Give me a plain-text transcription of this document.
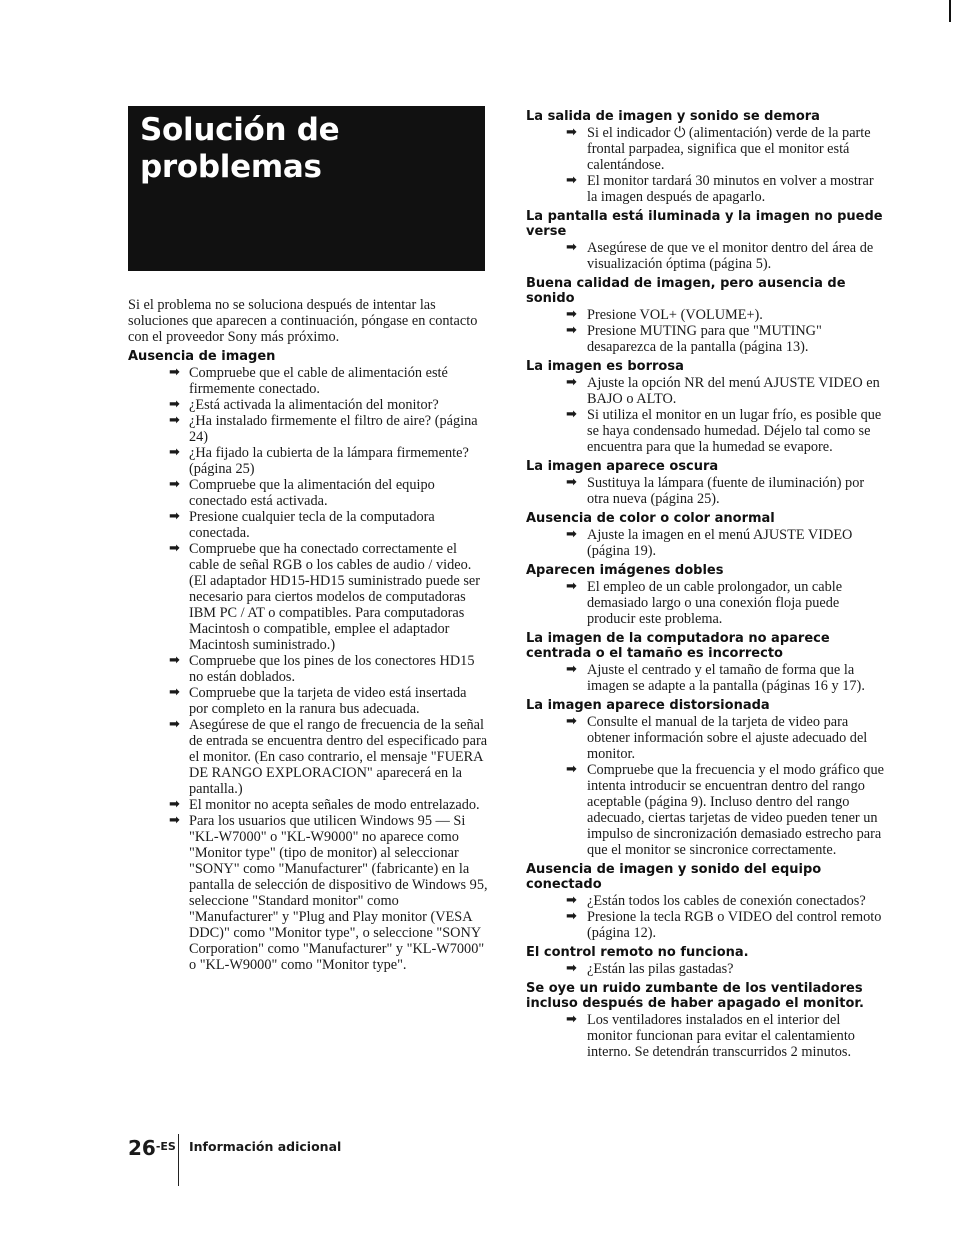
Solución de problemas

Si el problema no se soluciona después de intentar las soluciones que aparecen a continuación, póngase en contacto con el proveedor Sony más próximo.

Ausencia de imagen
➡ Compruebe que el cable de alimentación esté firmemente conectado.
➡ ¿Está activada la alimentación del monitor?
➡ ¿Ha instalado firmemente el filtro de aire? (página 24)
➡ ¿Ha fijado la cubierta de la lámpara firmemente? (página 25)
➡ Compruebe que la alimentación del equipo conectado está activada.
➡ Presione cualquier tecla de la computadora conectada.
➡ Compruebe que ha conectado correctamente el cable de señal RGB o los cables de audio / video. (El adaptador HD15-HD15 suministrado puede ser necesario para ciertos modelos de computadoras IBM PC / AT o compatibles. Para computadoras Macintosh o compatible, emplee el adaptador Macintosh suministrado.)
➡ Compruebe que los pines de los conectores HD15 no están doblados.
➡ Compruebe que la tarjeta de video está insertada por completo en la ranura bus adecuada.
➡ Asegúrese de que el rango de frecuencia de la señal de entrada se encuentra dentro del especificado para el monitor. (En caso contrario, el mensaje "FUERA DE RANGO EXPLORACION" aparecerá en la pantalla.)
➡ El monitor no acepta señales de modo entrelazado.
➡ Para los usuarios que utilicen Windows 95 — Si "KL-W7000" o "KL-W9000" no aparece como "Monitor type" (tipo de monitor) al seleccionar "SONY" como "Manufacturer" (fabricante) en la pantalla de selección de dispositivo de Windows 95, seleccione "Standard monitor" como "Manufacturer" y "Plug and Play monitor (VESA DDC)" como "Monitor type", o seleccione "SONY Corporation" como "Manufacturer" y "KL-W7000" o "KL-W9000" como "Monitor type".
La salida de imagen y sonido se demora
➡ Si el indicador ⏻ (alimentación) verde de la parte frontal parpadea, significa que el monitor está calentándose.
➡ El monitor tardará 30 minutos en volver a mostrar la imagen después de apagarlo.
La pantalla está iluminada y la imagen no puede verse
➡ Asegúrese de que ve el monitor dentro del área de visualización óptima (página 5).
Buena calidad de imagen, pero ausencia de sonido
➡ Presione VOL+ (VOLUME+).
➡ Presione MUTING para que "MUTING" desaparezca de la pantalla (página 13).
La imagen es borrosa
➡ Ajuste la opción NR del menú AJUSTE VIDEO en BAJO o ALTO.
➡ Si utiliza el monitor en un lugar frío, es posible que se haya condensado humedad. Déjelo tal como se encuentra para que la humedad se evapore.
La imagen aparece oscura
➡ Sustituya la lámpara (fuente de iluminación) por otra nueva (página 25).
Ausencia de color o color anormal
➡ Ajuste la imagen en el menú AJUSTE VIDEO (página 19).
Aparecen imágenes dobles
➡ El empleo de un cable prolongador, un cable demasiado largo o una conexión floja puede producir este problema.
La imagen de la computadora no aparece centrada o el tamaño es incorrecto
➡ Ajuste el centrado y el tamaño de forma que la imagen se adapte a la pantalla (páginas 16 y 17).
La imagen aparece distorsionada
➡ Consulte el manual de la tarjeta de video para obtener información sobre el ajuste adecuado del monitor.
➡ Compruebe que la frecuencia y el modo gráfico que intenta introducir se encuentran dentro del rango aceptable (página 9). Incluso dentro del rango adecuado, ciertas tarjetas de video pueden tener un impulso de sincronización demasiado estrecho para que el monitor se sincronice correctamente.
Ausencia de imagen y sonido del equipo conectado
➡ ¿Están todos los cables de conexión conectados?
➡ Presione la tecla RGB o VIDEO del control remoto (página 12).
El control remoto no funciona.
➡ ¿Están las pilas gastadas?
Se oye un ruido zumbante de los ventiladores incluso después de haber apagado el monitor.
➡ Los ventiladores instalados en el interior del monitor funcionan para evitar el calentamiento interno. Se detendrán transcurridos 2 minutos.
$26^{-ES}$ Información adicional
